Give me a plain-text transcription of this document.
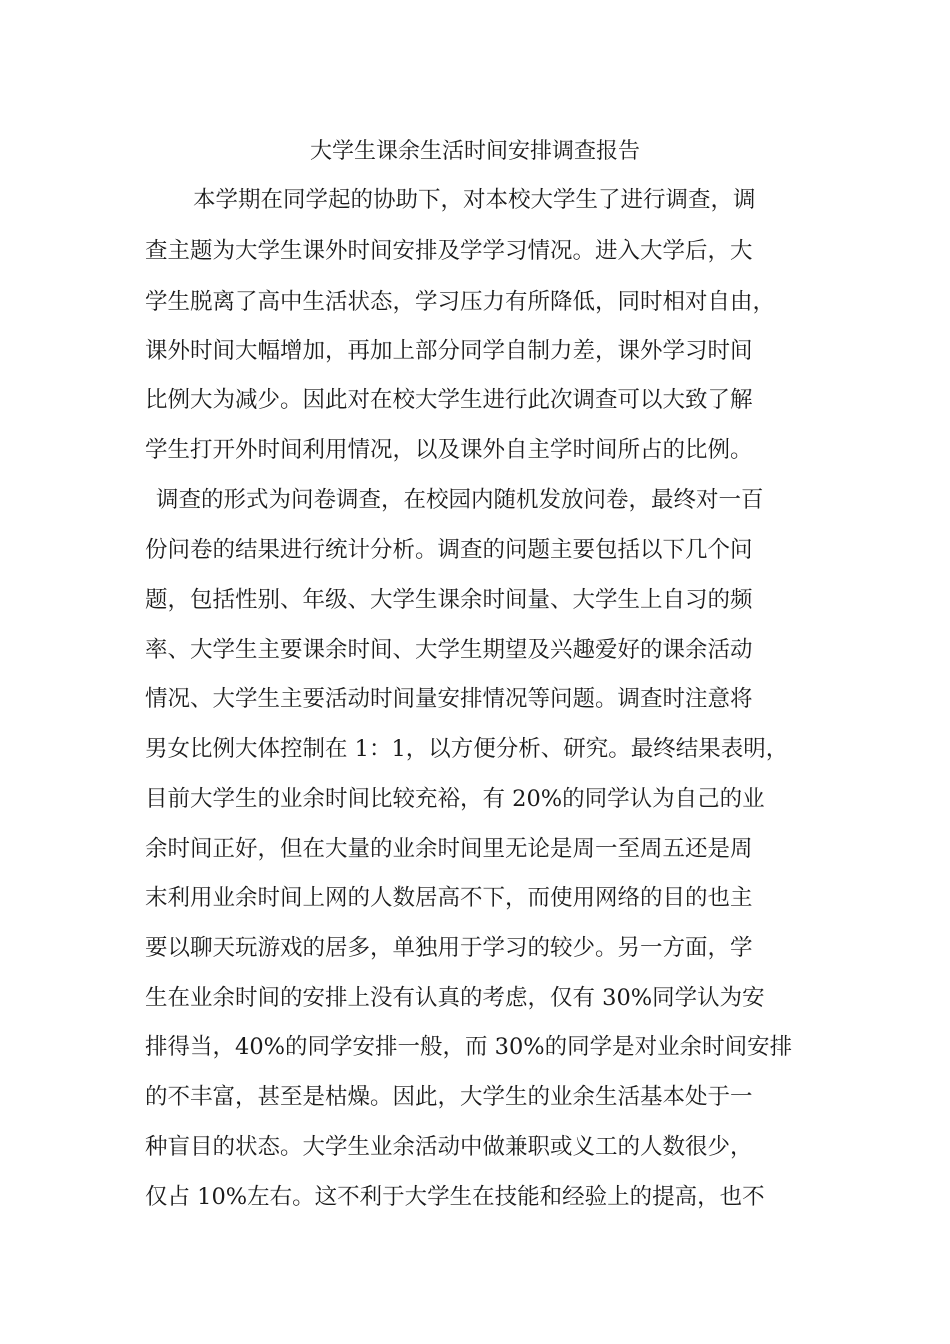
大学生课余生活时间安排调查报告
本学期在同学起的协助下，对本校大学生了进行调查，调
查主题为大学生课外时间安排及学学习情况。进入大学后，大
学生脱离了高中生活状态，学习压力有所降低，同时相对自由，
课外时间大幅增加，再加上部分同学自制力差，课外学习时间
比例大为减少。因此对在校大学生进行此次调查可以大致了解
学生打开外时间利用情况，以及课外自主学时间所占的比例。
调查的形式为问卷调查，在校园内随机发放问卷，最终对一百
份问卷的结果进行统计分析。调查的问题主要包括以下几个问
题，包括性别、年级、大学生课余时间量、大学生上自习的频
率、大学生主要课余时间、大学生期望及兴趣爱好的课余活动
情况、大学生主要活动时间量安排情况等问题。调查时注意将
男女比例大体控制在 1：1，以方便分析、研究。最终结果表明，
目前大学生的业余时间比较充裕，有 20%的同学认为自己的业
余时间正好，但在大量的业余时间里无论是周一至周五还是周
末利用业余时间上网的人数居高不下，而使用网络的目的也主
要以聊天玩游戏的居多，单独用于学习的较少。另一方面，学
生在业余时间的安排上没有认真的考虑，仅有 30%同学认为安
排得当，40%的同学安排一般，而 30%的同学是对业余时间安排
的不丰富，甚至是枯燥。因此，大学生的业余生活基本处于一
种盲目的状态。大学生业余活动中做兼职或义工的人数很少，
仅占 10%左右。这不利于大学生在技能和经验上的提高，也不
